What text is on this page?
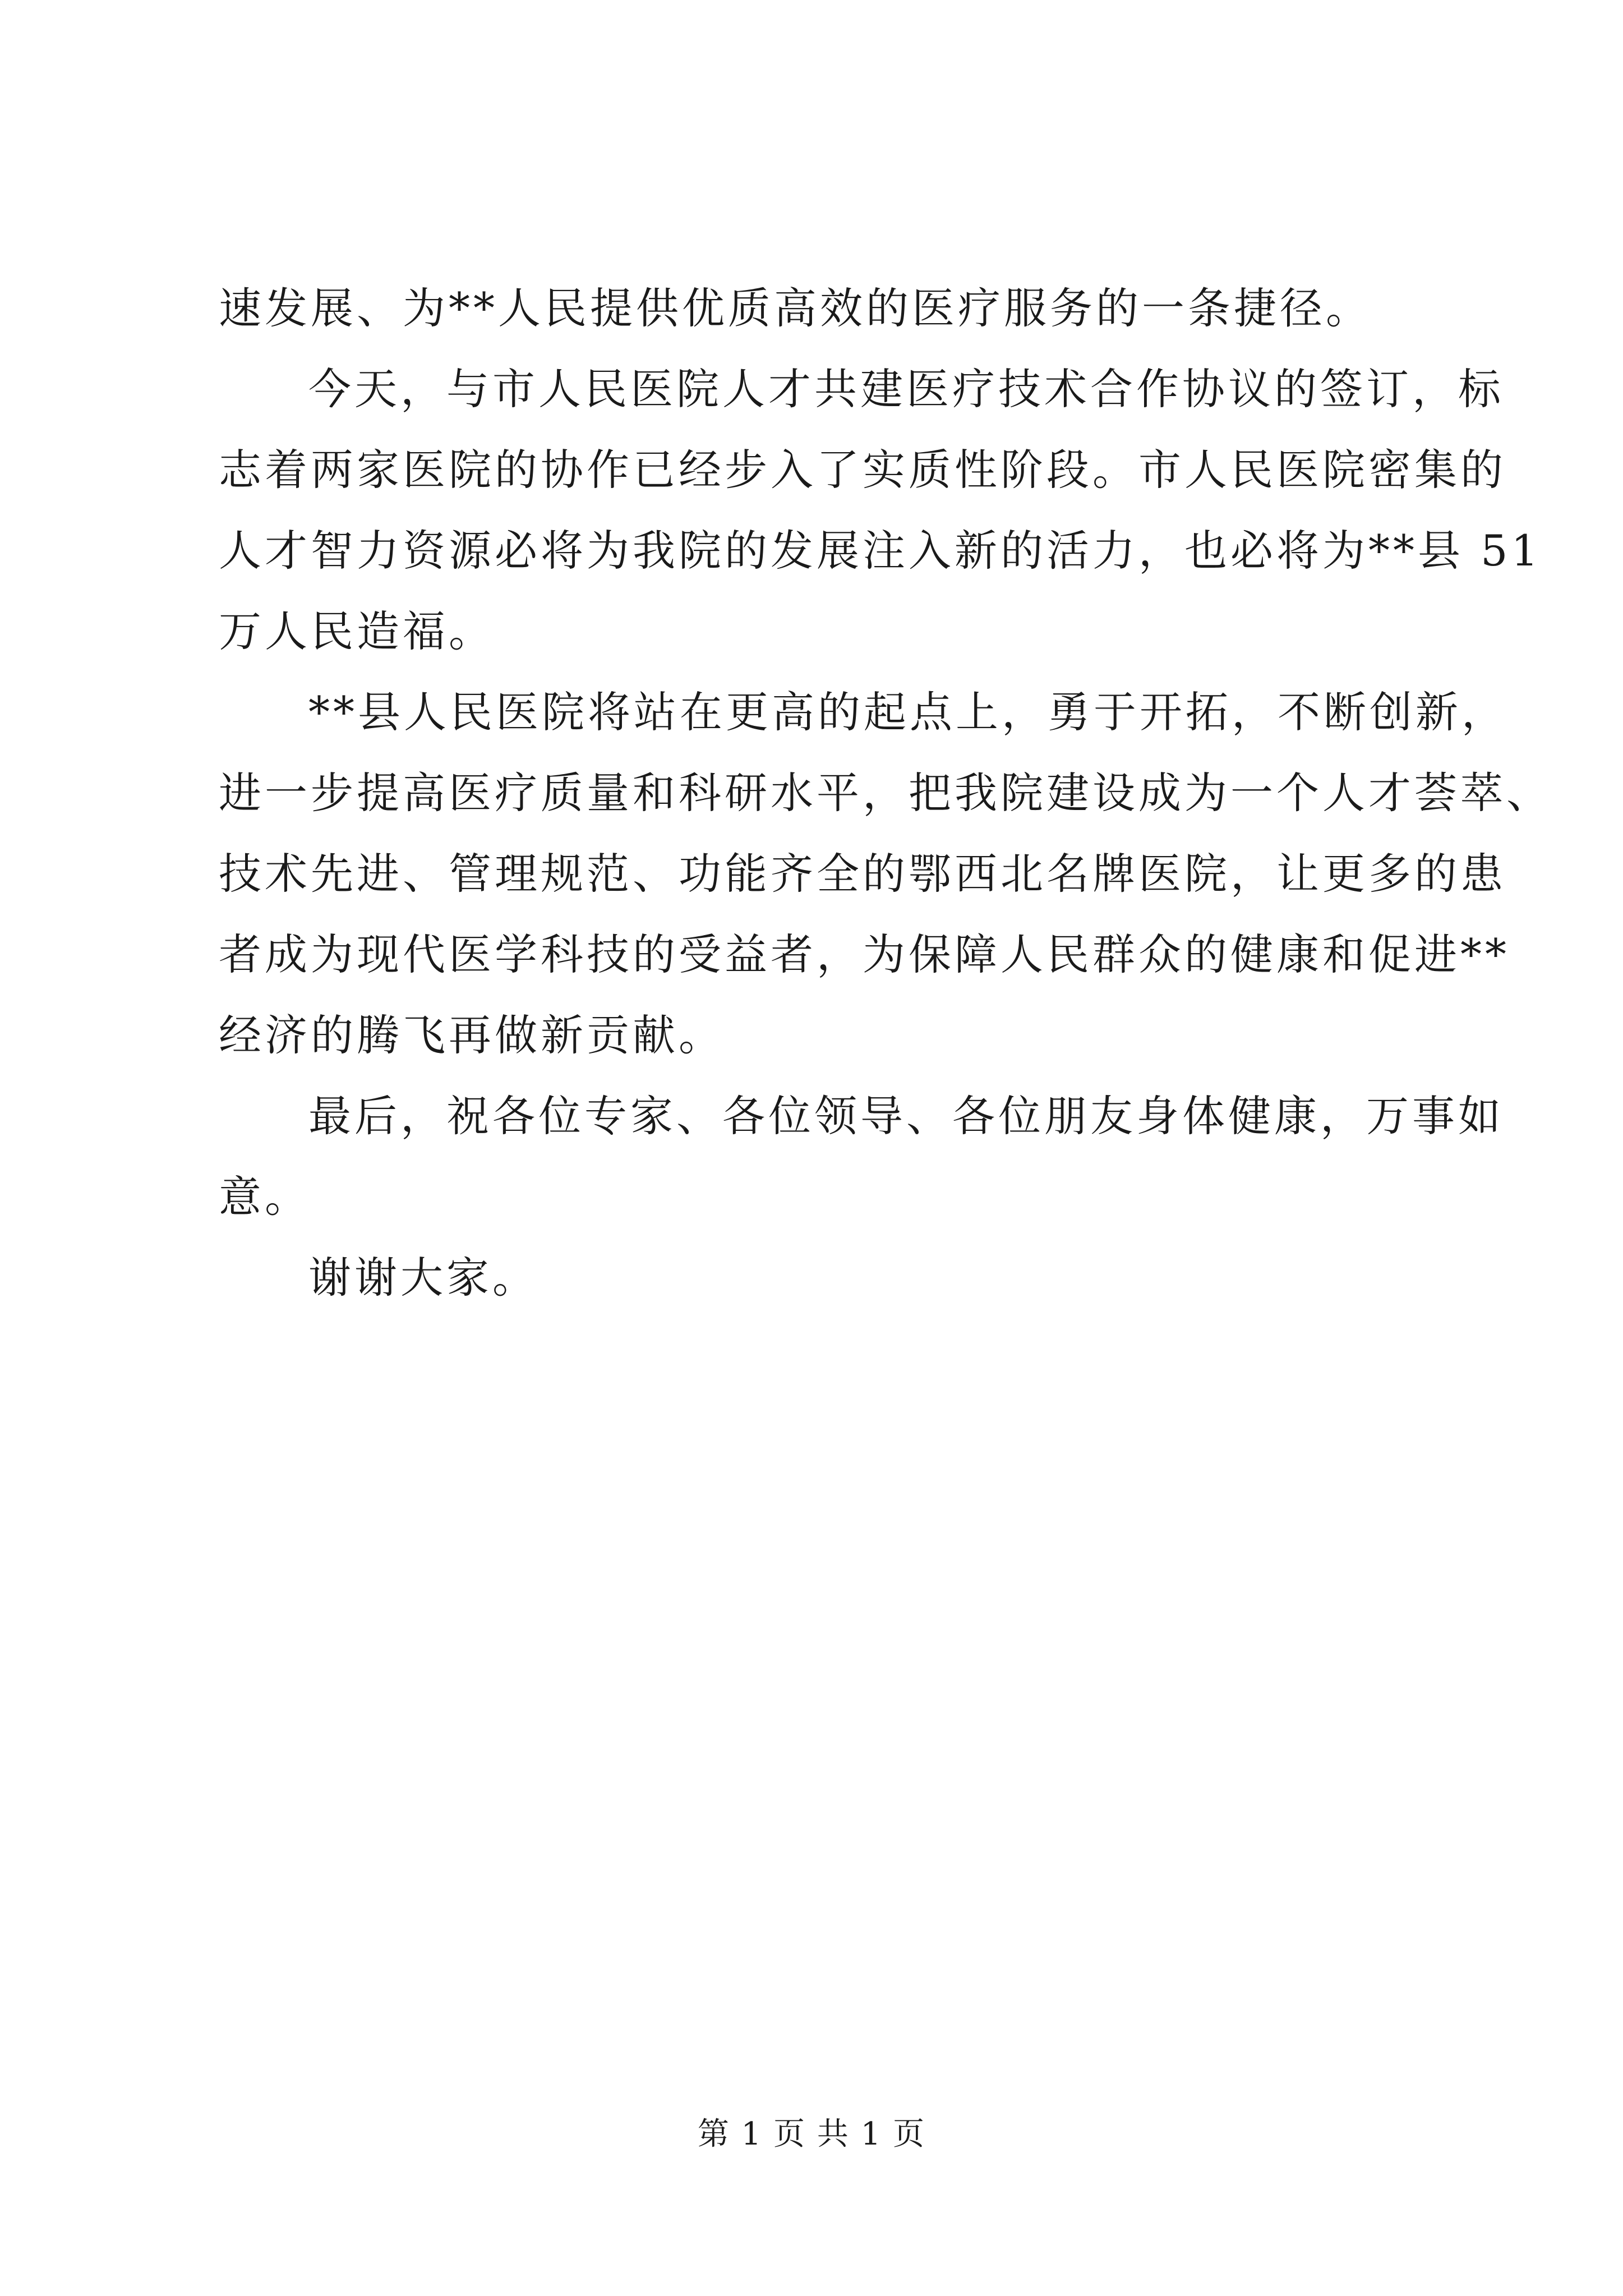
速发展、为**人民提供优质高效的医疗服务的一条捷径。
今天，与市人民医院人才共建医疗技术合作协议的签订，标
志着两家医院的协作已经步入了实质性阶段。市人民医院密集的
人才智力资源必将为我院的发展注入新的活力，也必将为**县 51
万人民造福。
**县人民医院将站在更高的起点上，勇于开拓，不断创新，
进一步提高医疗质量和科研水平，把我院建设成为一个人才荟萃、
技术先进、管理规范、功能齐全的鄂西北名牌医院，让更多的患
者成为现代医学科技的受益者，为保障人民群众的健康和促进**
经济的腾飞再做新贡献。
最后，祝各位专家、各位领导、各位朋友身体健康，万事如
意。
谢谢大家。
第 1 页 共 1 页
